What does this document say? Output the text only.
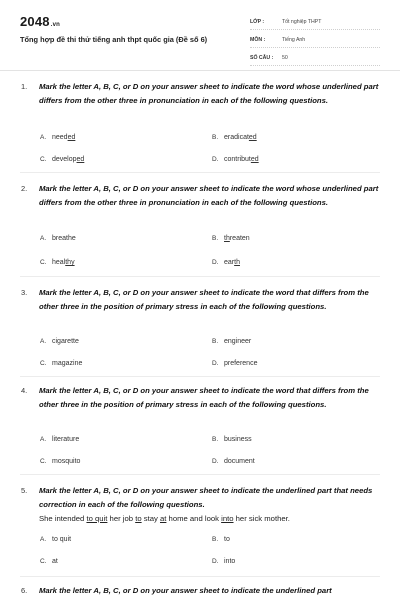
2048.vn
Tổng hợp đề thi thử tiếng anh thpt quốc gia (Đề số 6)
LỚP :	Tốt nghiệp THPT
MÔN :	Tiếng Anh
SỐ CÂU :	50
1. Mark the letter A, B, C, or D on your answer sheet to indicate the word whose underlined part differs from the other three in pronunciation in each of the following questions.
A. needed	B. eradicated
C. developed	D. contributed
2. Mark the letter A, B, C, or D on your answer sheet to indicate the word whose underlined part differs from the other three in pronunciation in each of the following questions.
A. breathe	B. threaten
C. healthy	D. earth
3. Mark the letter A, B, C, or D on your answer sheet to indicate the word that differs from the other three in the position of primary stress in each of the following questions.
A. cigarette	B. engineer
C. magazine	D. preference
4. Mark the letter A, B, C, or D on your answer sheet to indicate the word that differs from the other three in the position of primary stress in each of the following questions.
A. literature	B. business
C. mosquito	D. document
5. Mark the letter A, B, C, or D on your answer sheet to indicate the underlined part that needs correction in each of the following questions.
She intended to quit her job to stay at home and look into her sick mother.
A. to quit	B. to
C. at	D. into
6. Mark the letter A, B, C, or D on your answer sheet to indicate the underlined part
